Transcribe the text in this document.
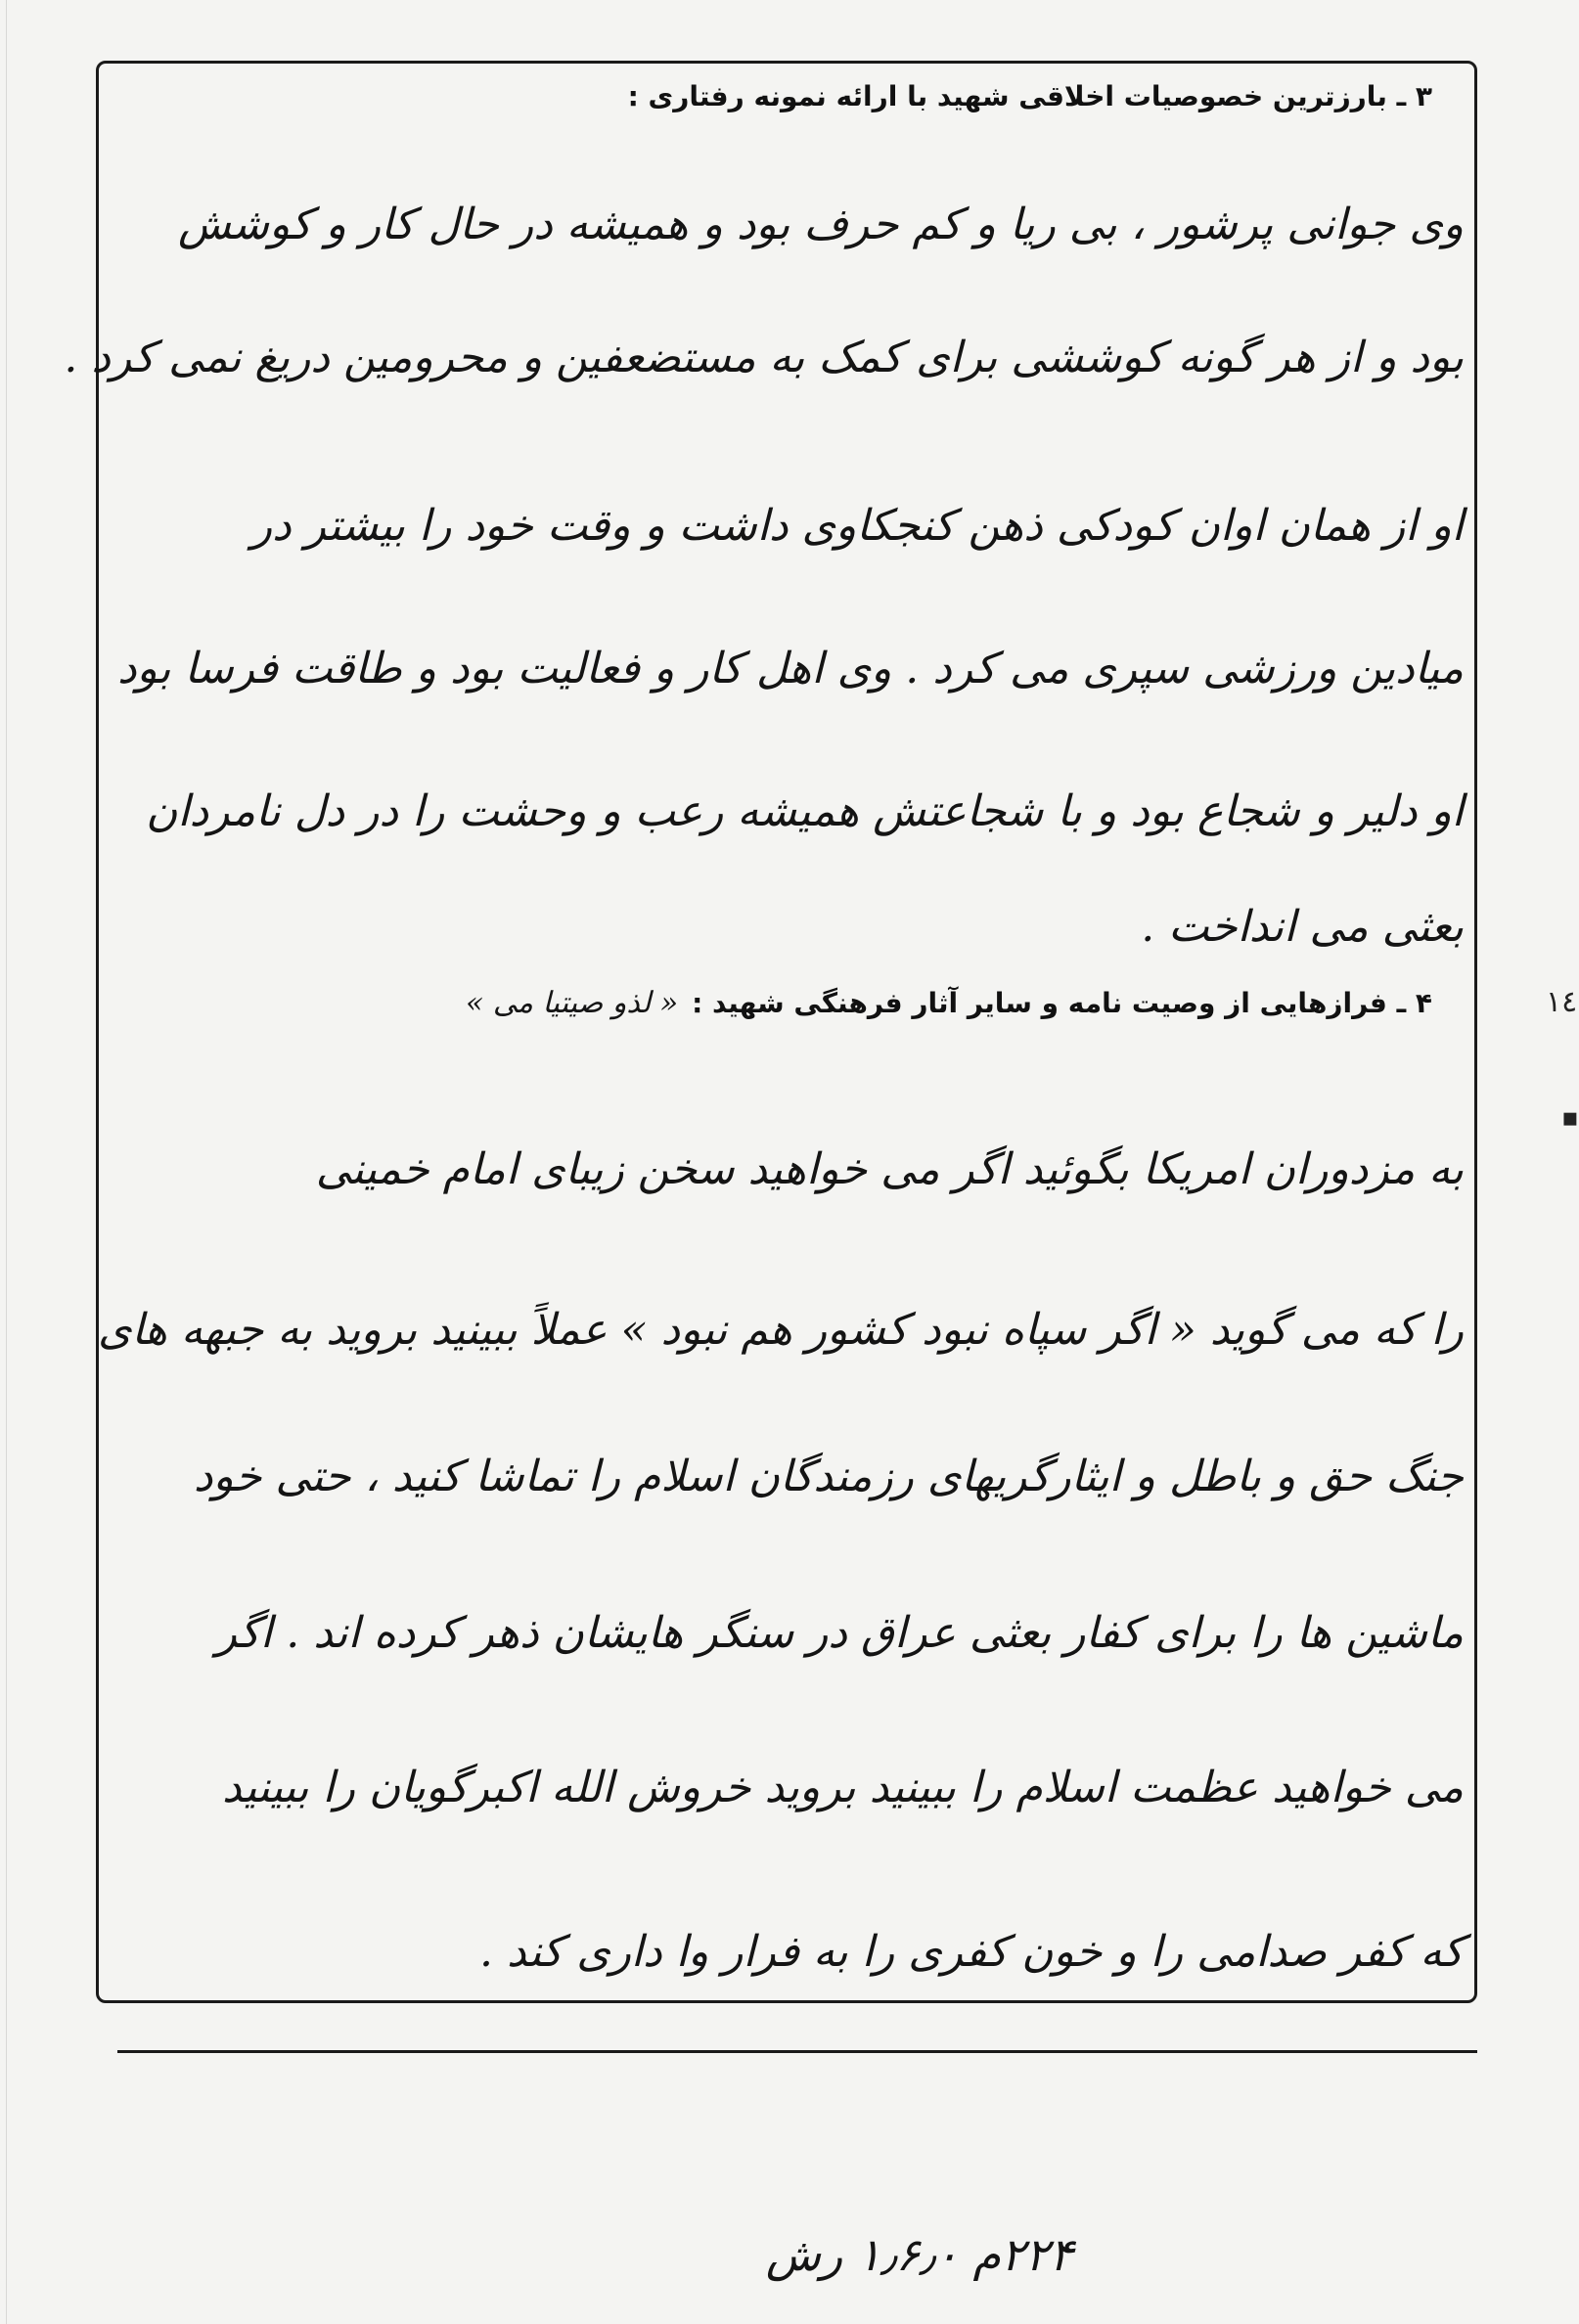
۳ ـ بارزترین خصوصیات اخلاقی شهید با ارائه نمونه رفتاری :
وی جوانی پرشور ، بی ریا و کم حرف بود و همیشه در حال کار و کوشش
بود و از هر گونه کوششی برای کمک به مستضعفین و محرومین دریغ نمی کرد .
او از همان اوان کودکی ذهن کنجکاوی داشت و وقت خود را بیشتر در
میادین ورزشی سپری می کرد . وی اهل کار و فعالیت بود و طاقت فرسا بود
او دلیر و شجاع بود و با شجاعتش همیشه رعب و وحشت را در دل نامردان
بعثی می انداخت .
۴ ـ فرازهایی از وصیت نامه و سایر آثار فرهنگی شهید :« لذو صیتیا می »
به مزدوران امریکا بگوئید اگر می خواهید سخن زیبای امام خمینی
را که می گوید « اگر سپاه نبود کشور هم نبود » عملاً ببینید بروید به جبهه های
جنگ حق و باطل و ایثارگریهای رزمندگان اسلام را تماشا کنید ، حتی خود
ماشین ها را برای کفار بعثی عراق در سنگر هایشان ذهر کرده اند . اگر
می خواهید عظمت اسلام را ببینید بروید خروش الله اکبرگویان را ببینید
که کفر صدامی را و خون کفری را به فرار وا داری کند .
١٤
▪
۲۲۴م ۱٫۶٫۰ رش
